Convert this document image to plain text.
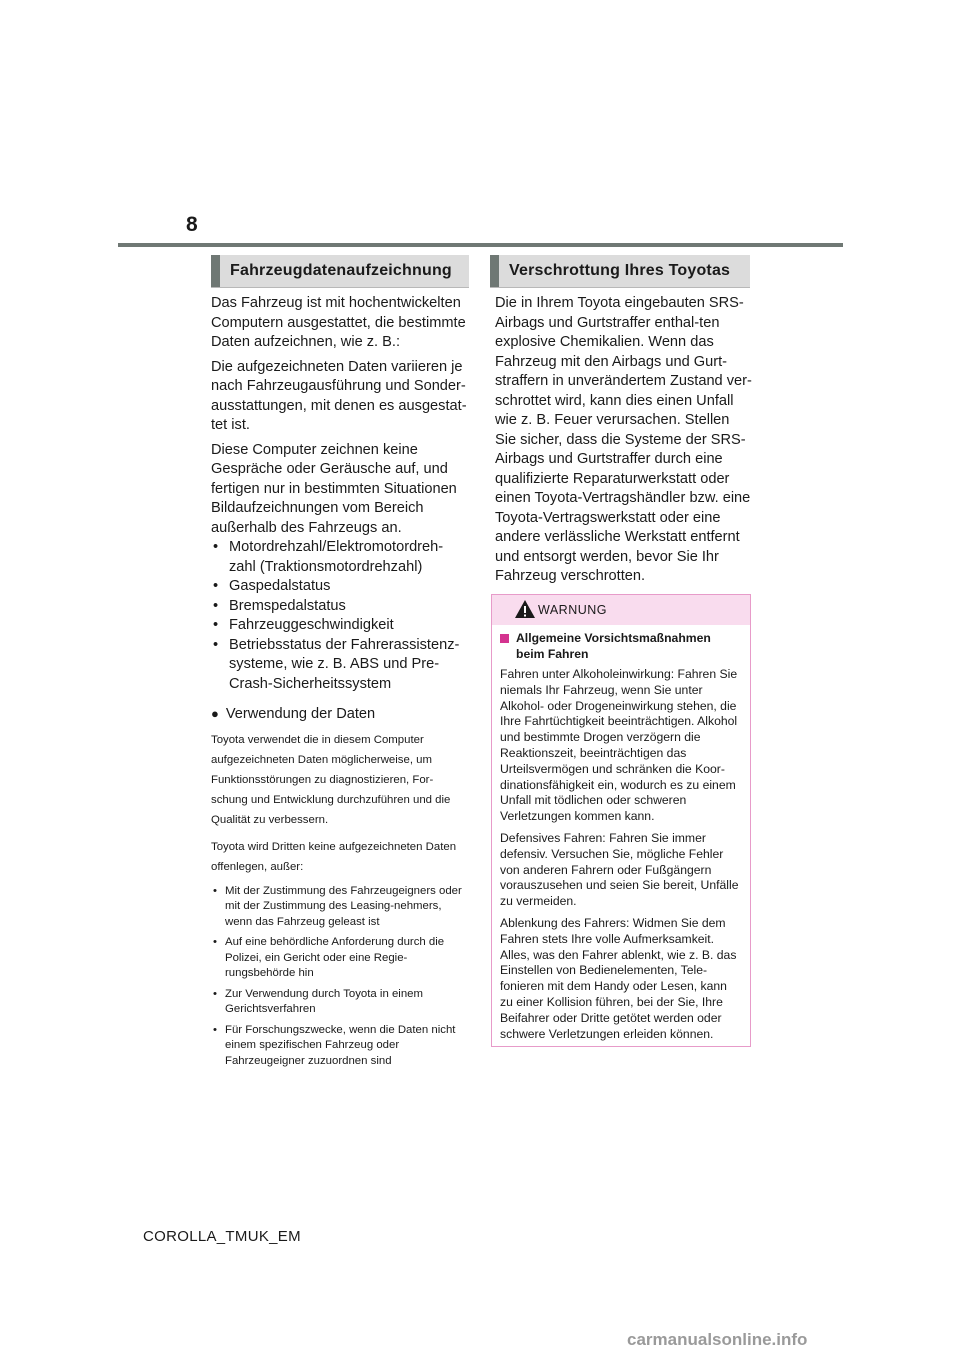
8
Fahrzeugdatenaufzeichnung	Verschrottung Ihres Toyotas

Das Fahrzeug ist mit hochentwickelten Computern ausgestattet, die bestimmte Daten aufzeichnen, wie z. B.:

Die aufgezeichneten Daten variieren je nach Fahrzeugausführung und Sonder-ausstattungen, mit denen es ausgestat-tet ist.

Diese Computer zeichnen keine Gespräche oder Geräusche auf, und fertigen nur in bestimmten Situationen Bildaufzeichnungen vom Bereich außerhalb des Fahrzeugs an.

• Motordrehzahl/Elektromotordreh-zahl (Traktionsmotordrehzahl)
• Gaspedalstatus
• Bremspedalstatus
• Fahrzeuggeschwindigkeit
• Betriebsstatus der Fahrerassistenz-systeme, wie z. B. ABS und Pre-Crash-Sicherheitssystem
● Verwendung der Daten

Toyota verwendet die in diesem Computer aufgezeichneten Daten möglicherweise, um Funktionsstörungen zu diagnostizieren, For-schung und Entwicklung durchzuführen und die Qualität zu verbessern.

Toyota wird Dritten keine aufgezeichneten Daten offenlegen, außer:

• Mit der Zustimmung des Fahrzeugeigners oder mit der Zustimmung des Leasing-nehmers, wenn das Fahrzeug geleast ist
• Auf eine behördliche Anforderung durch die Polizei, ein Gericht oder eine Regie-rungsbehörde hin
• Zur Verwendung durch Toyota in einem Gerichtsverfahren
• Für Forschungszwecke, wenn die Daten nicht einem spezifischen Fahrzeug oder Fahrzeugeigner zuzuordnen sind

Die in Ihrem Toyota eingebauten SRS-Airbags und Gurtstraffer enthal-ten explosive Chemikalien. Wenn das Fahrzeug mit den Airbags und Gurt-straffern in unverändertem Zustand ver-schrottet wird, kann dies einen Unfall wie z. B. Feuer verursachen. Stellen Sie sicher, dass die Systeme der SRS-Airbags und Gurtstraffer durch eine qualifizierte Reparaturwerkstatt oder einen Toyota-Vertragshändler bzw. eine Toyota-Vertragswerkstatt oder eine andere verlässliche Werkstatt entfernt und entsorgt werden, bevor Sie Ihr Fahrzeug verschrotten.

WARNUNG
Allgemeine Vorsichtsmaßnahmen beim Fahren

Fahren unter Alkoholeinwirkung: Fahren Sie niemals Ihr Fahrzeug, wenn Sie unter Alkohol- oder Drogeneinwirkung stehen, die Ihre Fahrtüchtigkeit beeinträchtigen. Alkohol und bestimmte Drogen verzögern die Reaktionszeit, beeinträchtigen das Urteilsvermögen und schränken die Koor-dinationsfähigkeit ein, wodurch es zu einem Unfall mit tödlichen oder schweren Verletzungen kommen kann.

Defensives Fahren: Fahren Sie immer defensiv. Versuchen Sie, mögliche Fehler von anderen Fahrern oder Fußgängern vorauszusehen und seien Sie bereit, Unfälle zu vermeiden.

Ablenkung des Fahrers: Widmen Sie dem Fahren stets Ihre volle Aufmerksamkeit. Alles, was den Fahrer ablenkt, wie z. B. das Einstellen von Bedienelementen, Tele-fonieren mit dem Handy oder Lesen, kann zu einer Kollision führen, bei der Sie, Ihre Beifahrer oder Dritte getötet werden oder schwere Verletzungen erleiden können.

COROLLA_TMUK_EM
carmanualsonline.info
